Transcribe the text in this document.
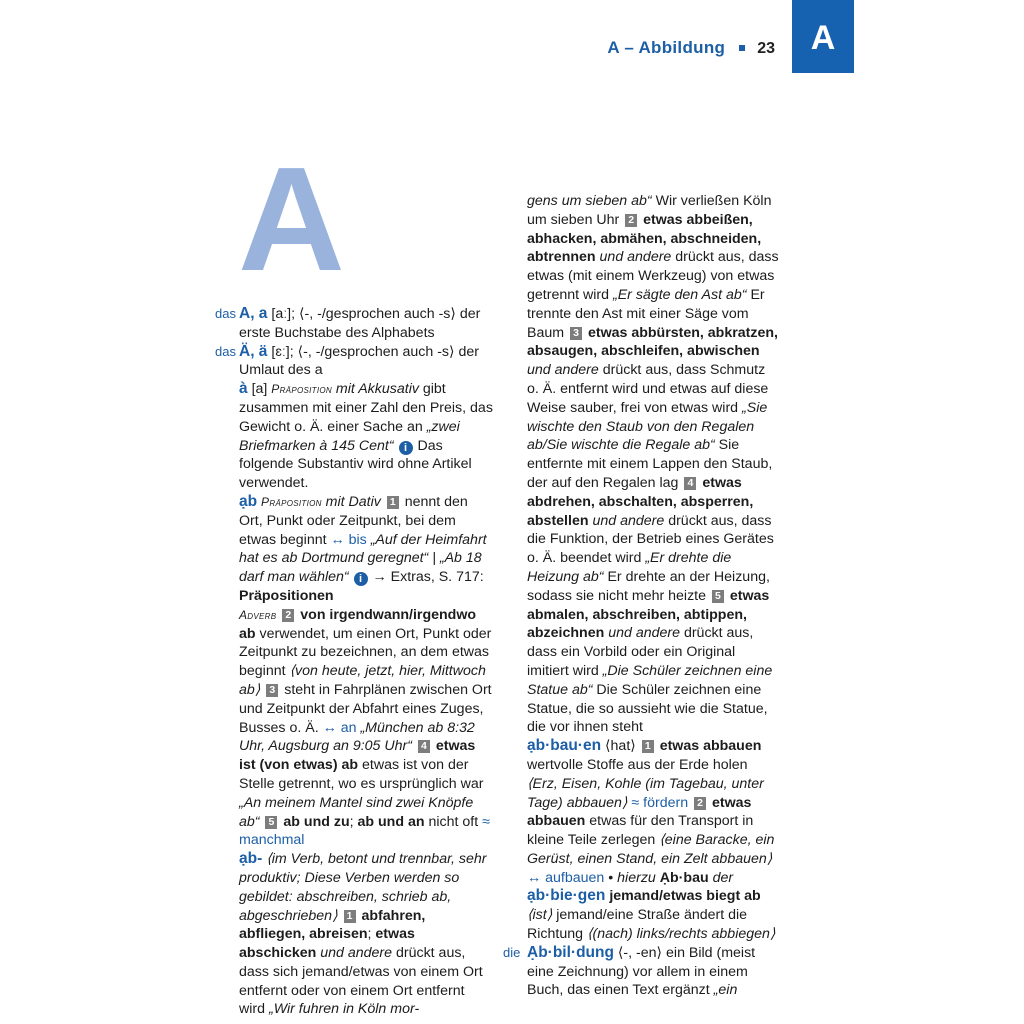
A – Abbildung 23	A
A
das A, a [aː]; ⟨-, -/gesprochen auch -s⟩ der erste Buchstabe des Alphabets
das Ä, ä [ɛː]; ⟨-, -/gesprochen auch -s⟩ der Umlaut des a
à [a] Präposition mit Akkusativ gibt zusammen mit einer Zahl den Preis, das Gewicht o. Ä. einer Sache an „zwei Briefmarken à 145 Cent“ i Das folgende Substantiv wird ohne Artikel verwendet.
ạb Präposition mit Dativ 1 nennt den Ort, Punkt oder Zeitpunkt, bei dem etwas beginnt ↔ bis „Auf der Heimfahrt hat es ab Dortmund geregnet“ | „Ab 18 darf man wählen“ i → Extras, S. 717: Präpositionen
Adverb 2 von irgendwann/irgendwo ab verwendet, um einen Ort, Punkt oder Zeitpunkt zu bezeichnen, an dem etwas beginnt ⟨von heute, jetzt, hier, Mittwoch ab⟩ 3 steht in Fahrplänen zwischen Ort und Zeitpunkt der Abfahrt eines Zuges, Busses o. Ä. ↔ an „München ab 8:32 Uhr, Augsburg an 9:05 Uhr“ 4 etwas ist (von etwas) ab etwas ist von der Stelle getrennt, wo es ursprünglich war „An meinem Mantel sind zwei Knöpfe ab“ 5 ab und zu; ab und an nicht oft ≈ manchmal
ạb- ⟨im Verb, betont und trennbar, sehr produktiv; Diese Verben werden so gebildet: abschreiben, schrieb ab, abgeschrieben⟩ 1 abfahren, abfliegen, abreisen; etwas abschicken und andere drückt aus, dass sich jemand/etwas von einem Ort entfernt oder von einem Ort entfernt wird „Wir fuhren in Köln mor-
gens um sieben ab“ Wir verließen Köln um sieben Uhr 2 etwas abbeißen, abhacken, abmähen, abschneiden, abtrennen und andere drückt aus, dass etwas (mit einem Werkzeug) von etwas getrennt wird „Er sägte den Ast ab“ Er trennte den Ast mit einer Säge vom Baum 3 etwas abbürsten, abkratzen, absaugen, abschleifen, abwischen und andere drückt aus, dass Schmutz o. Ä. entfernt wird und etwas auf diese Weise sauber, frei von etwas wird „Sie wischte den Staub von den Regalen ab/Sie wischte die Regale ab“ Sie entfernte mit einem Lappen den Staub, der auf den Regalen lag 4 etwas abdrehen, abschalten, absperren, abstellen und andere drückt aus, dass die Funktion, der Betrieb eines Gerätes o. Ä. beendet wird „Er drehte die Heizung ab“ Er drehte an der Heizung, sodass sie nicht mehr heizte 5 etwas abmalen, abschreiben, abtippen, abzeichnen und andere drückt aus, dass ein Vorbild oder ein Original imitiert wird „Die Schüler zeichnen eine Statue ab“ Die Schüler zeichnen eine Statue, die so aussieht wie die Statue, die vor ihnen steht
ạb·bau·en ⟨hat⟩ 1 etwas abbauen wertvolle Stoffe aus der Erde holen ⟨Erz, Eisen, Kohle (im Tagebau, unter Tage) abbauen⟩ ≈ fördern 2 etwas abbauen etwas für den Transport in kleine Teile zerlegen ⟨eine Baracke, ein Gerüst, einen Stand, ein Zelt abbauen⟩ ↔ aufbauen • hierzu Ạb·bau der
ạb·bie·gen jemand/etwas biegt ab ⟨ist⟩ jemand/eine Straße ändert die Richtung ⟨(nach) links/rechts abbiegen⟩
die Ạb·bil·dung ⟨-, -en⟩ ein Bild (meist eine Zeichnung) vor allem in einem Buch, das einen Text ergänzt „ein
